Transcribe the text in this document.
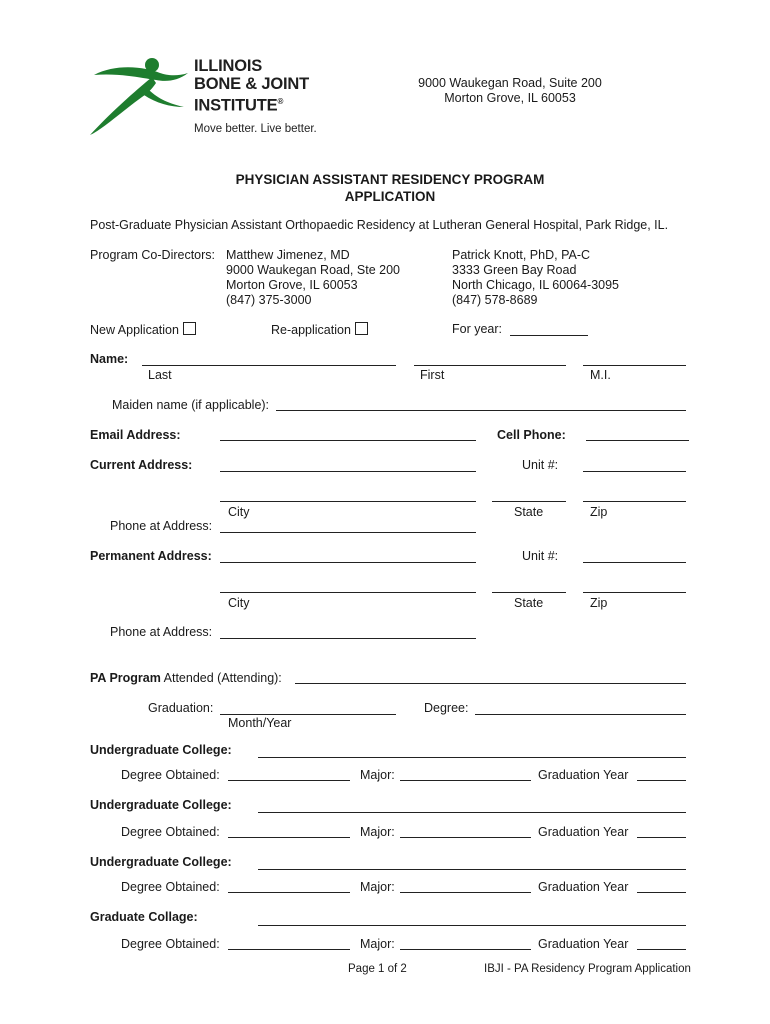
ILLINOIS
BONE & JOINT
INSTITUTE®
Move better. Live better.
9000 Waukegan Road, Suite 200
Morton Grove, IL 60053
PHYSICIAN ASSISTANT RESIDENCY PROGRAM
APPLICATION
Post-Graduate Physician Assistant Orthopaedic Residency at Lutheran General Hospital, Park Ridge, IL.
Program Co-Directors: Matthew Jimenez, MD
9000 Waukegan Road, Ste 200
Morton Grove, IL 60053
(847) 375-3000
Patrick Knott, PhD, PA-C
3333 Green Bay Road
North Chicago, IL 60064-3095
(847) 578-8689
New Application	Re-application	For year:
Name:
Last	First	M.I.
Maiden name (if applicable):
Email Address:	Cell Phone:
Current Address:	Unit #:
City	State	Zip
Phone at Address:
Permanent Address:	Unit #:
City	State	Zip
Phone at Address:
PA Program Attended (Attending):
Graduation:
Month/Year
Degree:
Undergraduate College:
Degree Obtained:	Major:	Graduation Year
Undergraduate College:
Degree Obtained:	Major:	Graduation Year
Undergraduate College:
Degree Obtained:	Major:	Graduation Year
Graduate Collage:
Degree Obtained:	Major:	Graduation Year
Page 1 of 2	IBJI - PA Residency Program Application
